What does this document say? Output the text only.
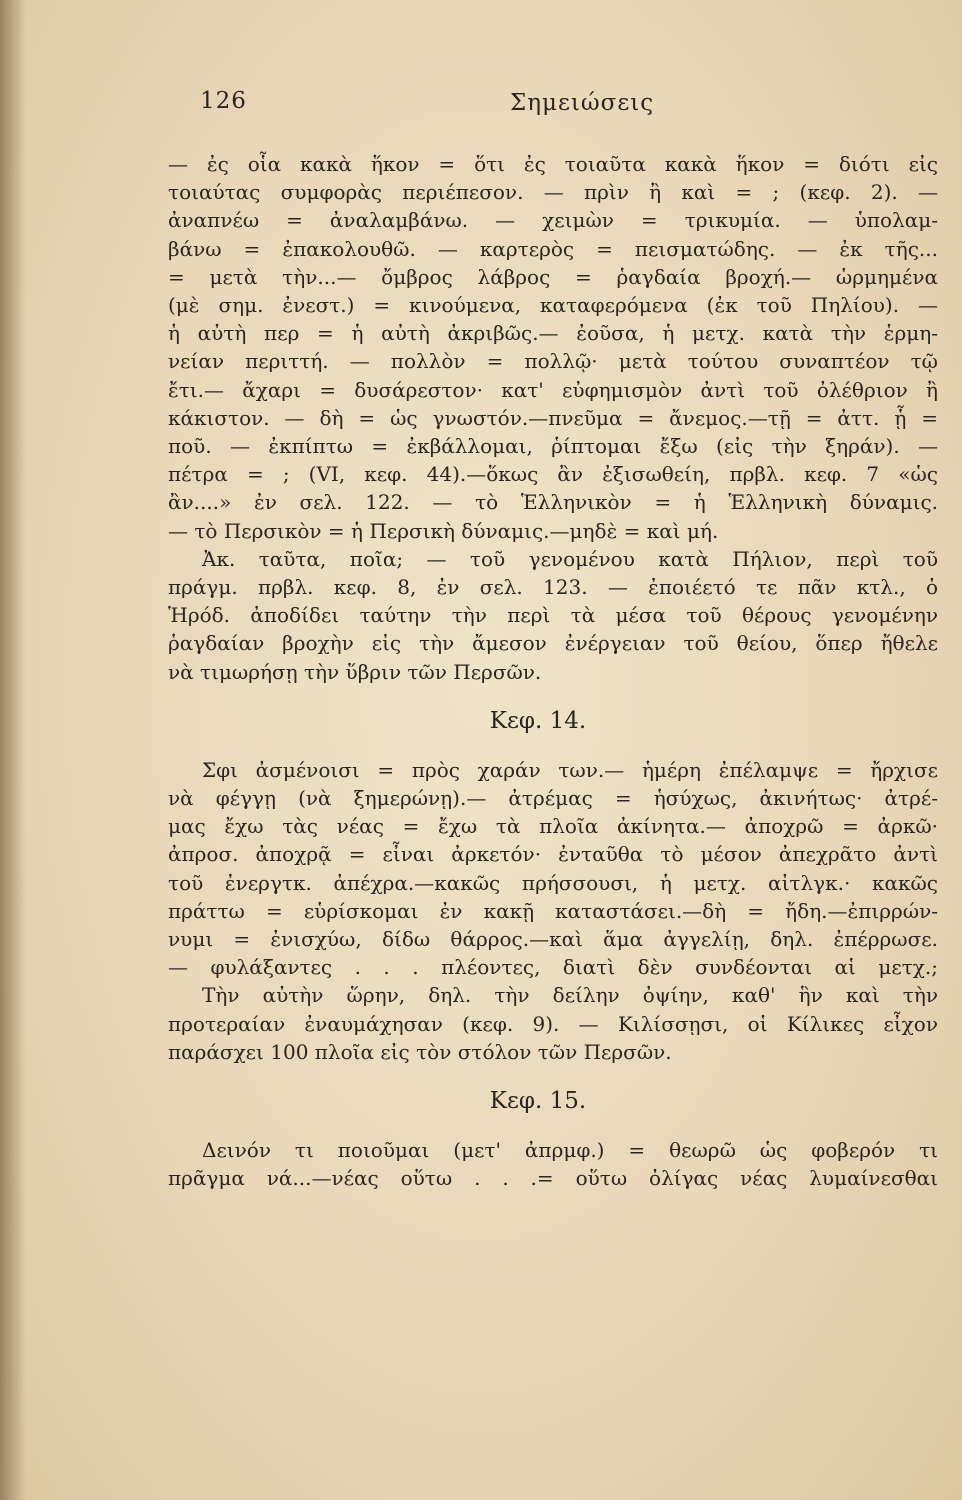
126	Σημειώσεις
— ἐς οἷα κακὰ ἥκον = ὅτι ἐς τοιαῦτα κακὰ ἥκον = διότι εἰς
τοιαύτας συμφορὰς περιέπεσον. — πρὶν ἢ καὶ = ; (κεφ. 2). —
ἀναπνέω = ἀναλαμβάνω. — χειμὼν = τρικυμία. — ὑπολαμ-
βάνω = ἐπακολουθῶ. — καρτερὸς = πεισματώδης. — ἐκ τῆς...
= μετὰ τὴν...— ὄμβρος λάβρος = ῥαγδαία βροχή.— ὡρμημένα
(μὲ σημ. ἐνεστ.) = κινούμενα, καταφερόμενα (ἐκ τοῦ Πηλίου). —
ἡ αὐτὴ περ = ἡ αὐτὴ ἀκριβῶς.— ἐοῦσα, ἡ μετχ. κατὰ τὴν ἑρμη-
νείαν περιττή. — πολλὸν = πολλῷ· μετὰ τούτου συναπτέον τῷ
ἔτι.— ἄχαρι = δυσάρεστον· κατ' εὐφημισμὸν ἀντὶ τοῦ ὀλέθριον ἢ
κάκιστον. — δὴ = ὡς γνωστόν.—πνεῦμα = ἄνεμος.—τῇ = ἀττ. ᾗ =
ποῦ. — ἐκπίπτω = ἐκβάλλομαι, ῥίπτομαι ἔξω (εἰς τὴν ξηράν). —
πέτρα = ; (VI, κεφ. 44).—ὅκως ἂν ἐξισωθείη, πρβλ. κεφ. 7 «ὡς
ἂν....» ἐν σελ. 122. — τὸ Ἑλληνικὸν = ἡ Ἑλληνικὴ δύναμις.
— τὸ Περσικὸν = ἡ Περσικὴ δύναμις.—μηδὲ = καὶ μή.
Ἀκ. ταῦτα, ποῖα; — τοῦ γενομένου κατὰ Πήλιον, περὶ τοῦ
πράγμ. πρβλ. κεφ. 8, ἐν σελ. 123. — ἐποιέετό τε πᾶν κτλ., ὁ
Ἡρόδ. ἀποδίδει ταύτην τὴν περὶ τὰ μέσα τοῦ θέρους γενομένην
ῥαγδαίαν βροχὴν εἰς τὴν ἄμεσον ἐνέργειαν τοῦ θείου, ὅπερ ἤθελε
νὰ τιμωρήσῃ τὴν ὕβριν τῶν Περσῶν.
Κεφ. 14.
Σφι ἀσμένοισι = πρὸς χαράν των.— ἡμέρη ἐπέλαμψε = ἤρχισε
νὰ φέγγῃ (νὰ ξημερώνῃ).— ἀτρέμας = ἡσύχως, ἀκινήτως· ἀτρέ-
μας ἔχω τὰς νέας = ἔχω τὰ πλοῖα ἀκίνητα.— ἀποχρῶ = ἀρκῶ·
ἀπροσ. ἀποχρᾷ = εἶναι ἀρκετόν· ἐνταῦθα τὸ μέσον ἀπεχρᾶτο ἀντὶ
τοῦ ἐνεργτκ. ἀπέχρα.—κακῶς πρήσσουσι, ἡ μετχ. αἰτλγκ.· κακῶς
πράττω = εὑρίσκομαι ἐν κακῇ καταστάσει.—δὴ = ἤδη.—ἐπιρρών-
νυμι = ἐνισχύω, δίδω θάρρος.—καὶ ἅμα ἀγγελίῃ, δηλ. ἐπέρρωσε.
— φυλάξαντες . . . πλέοντες, διατὶ δὲν συνδέονται αἱ μετχ.;
Τὴν αὐτὴν ὥρην, δηλ. τὴν δείλην ὀψίην, καθ' ἣν καὶ τὴν
προτεραίαν ἐναυμάχησαν (κεφ. 9). — Κιλίσσῃσι, οἱ Κίλικες εἶχον
παράσχει 100 πλοῖα εἰς τὸν στόλον τῶν Περσῶν.
Κεφ. 15.
Δεινόν τι ποιοῦμαι (μετ' ἀπρμφ.) = θεωρῶ ὡς φοβερόν τι
πρᾶγμα νά...—νέας οὕτω . . .= οὕτω ὀλίγας νέας λυμαίνεσθαι
